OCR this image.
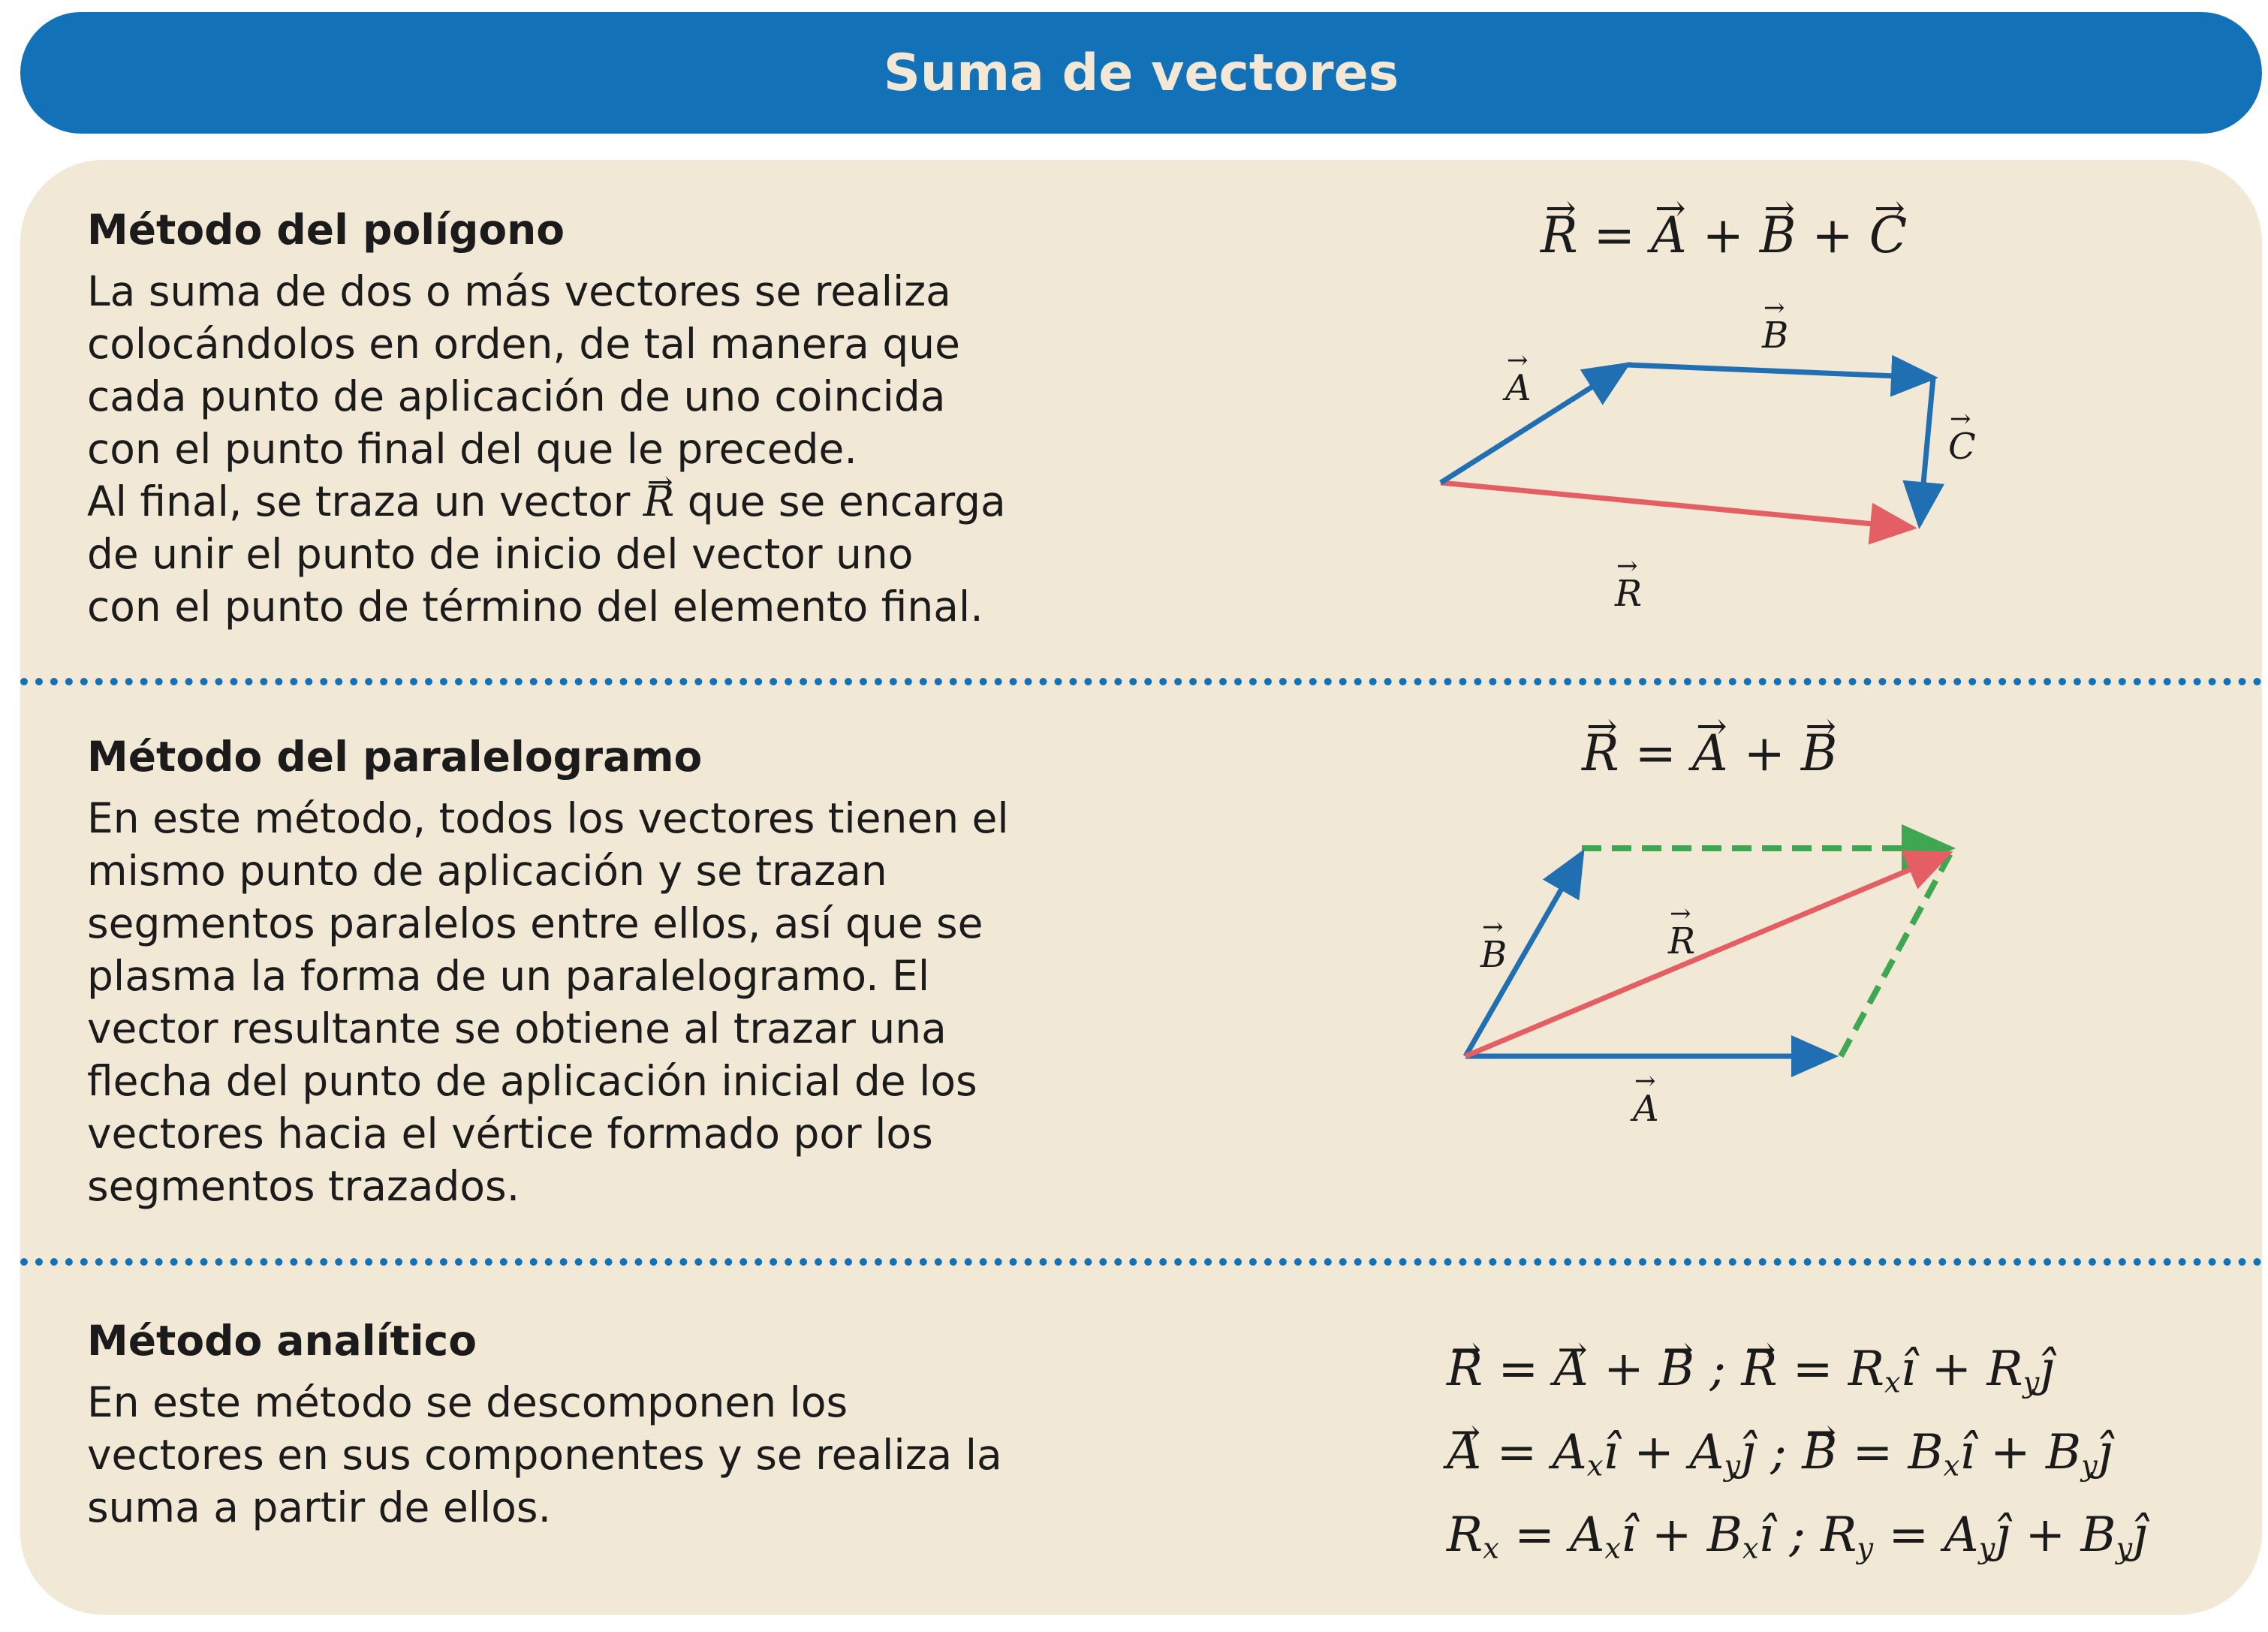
Suma de vectores

Método del polígono

La suma de dos o más vectores se realiza
colocándolos en orden, de tal manera que
cada punto de aplicación de uno coincida
con el punto final del que le precede.
Al final, se traza un vector → R que se encarga
de unir el punto de inicio del vector uno
con el punto de término del elemento final.

→ R = → A + → B + → C
A
→
B
→
C
→
R
→

Método del paralelogramo

En este método, todos los vectores tienen el
mismo punto de aplicación y se trazan
segmentos paralelos entre ellos, así que se
plasma la forma de un paralelogramo. El
vector resultante se obtiene al trazar una
flecha del punto de aplicación inicial de los
vectores hacia el vértice formado por los
segmentos trazados.

→ R = → A + → B
B
→	R
→
A
→

Método analítico

En este método se descomponen los
vectores en sus componentes y se realiza la
suma a partir de ellos.

→ R = → A + → B ; → $R = R_xî$ + $R_yĵ$
→ $A = A_xî$ + $A_yĵ$ ; → $B = B_xî$ + $B_yĵ$
$R_x$ = $A_xî$ + $B_xî$ ; $R_y$ = $A_yĵ$ + $B_yĵ$
